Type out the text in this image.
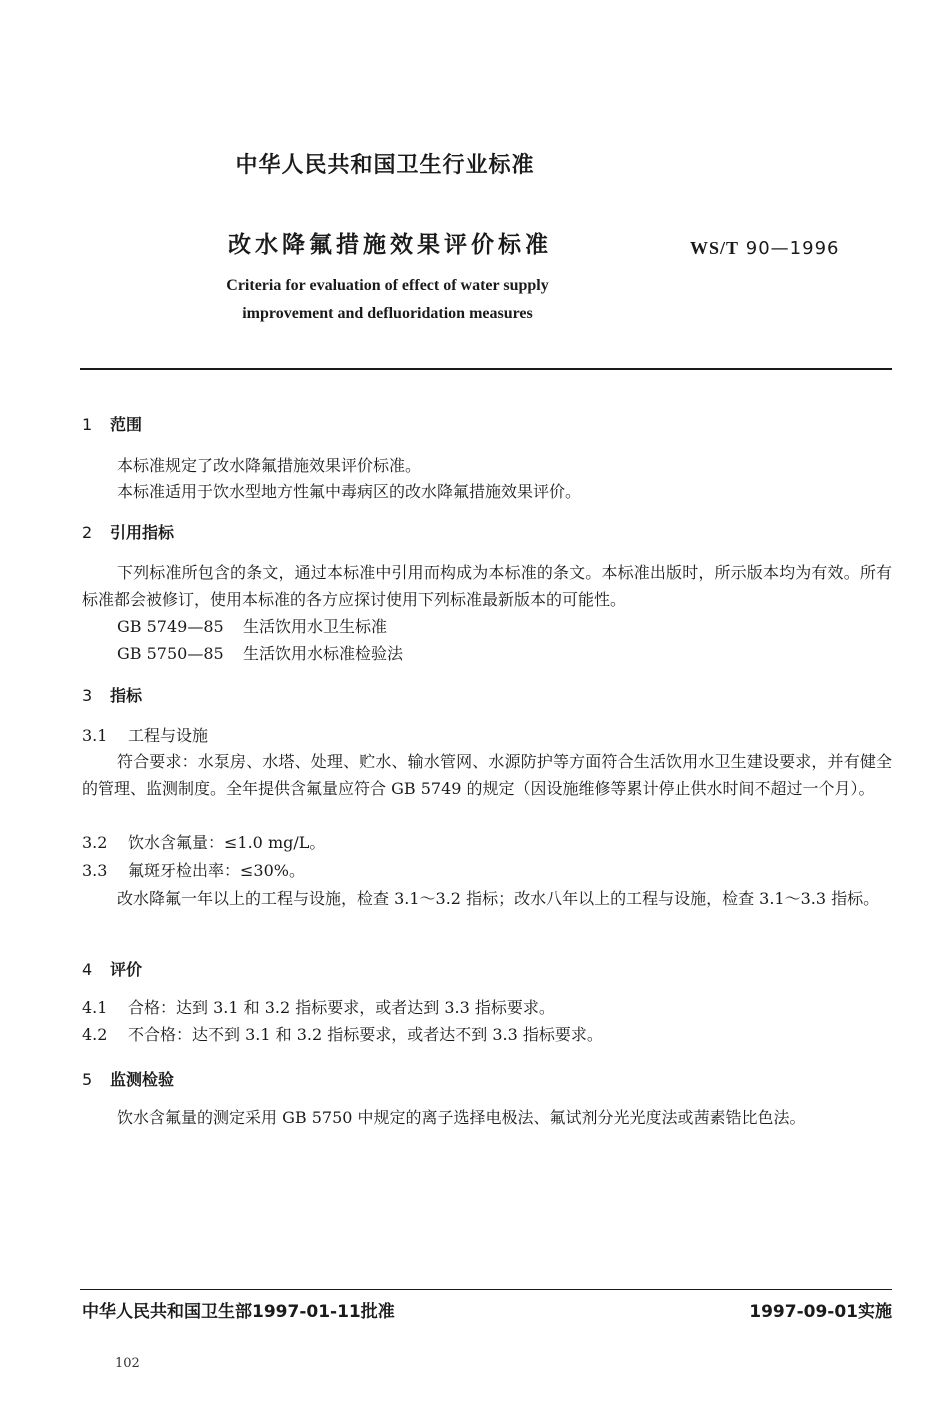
中华人民共和国卫生行业标准
改水降氟措施效果评价标准	WS/T 90—1996
Criteria for evaluation of effect of water supply
improvement and defluoridation measures
1 范围
本标准规定了改水降氟措施效果评价标准。
本标准适用于饮水型地方性氟中毒病区的改水降氟措施效果评价。
2 引用指标
下列标准所包含的条文，通过本标准中引用而构成为本标准的条文。本标准出版时，所示版本均为有效。所有标准都会被修订，使用本标准的各方应探讨使用下列标准最新版本的可能性。
GB 5749—85 生活饮用水卫生标准
GB 5750—85 生活饮用水标准检验法
3 指标
3.1 工程与设施
符合要求：水泵房、水塔、处理、贮水、输水管网、水源防护等方面符合生活饮用水卫生建设要求，并有健全的管理、监测制度。全年提供含氟量应符合 GB 5749 的规定（因设施维修等累计停止供水时间不超过一个月）。
3.2 饮水含氟量：≤1.0 mg/L。
3.3 氟斑牙检出率：≤30%。
改水降氟一年以上的工程与设施，检查 3.1～3.2 指标；改水八年以上的工程与设施，检查 3.1～3.3 指标。
4 评价
4.1 合格：达到 3.1 和 3.2 指标要求，或者达到 3.3 指标要求。
4.2 不合格：达不到 3.1 和 3.2 指标要求，或者达不到 3.3 指标要求。
5 监测检验
饮水含氟量的测定采用 GB 5750 中规定的离子选择电极法、氟试剂分光光度法或茜素锆比色法。
中华人民共和国卫生部1997-01-11批准	1997-09-01实施
102
